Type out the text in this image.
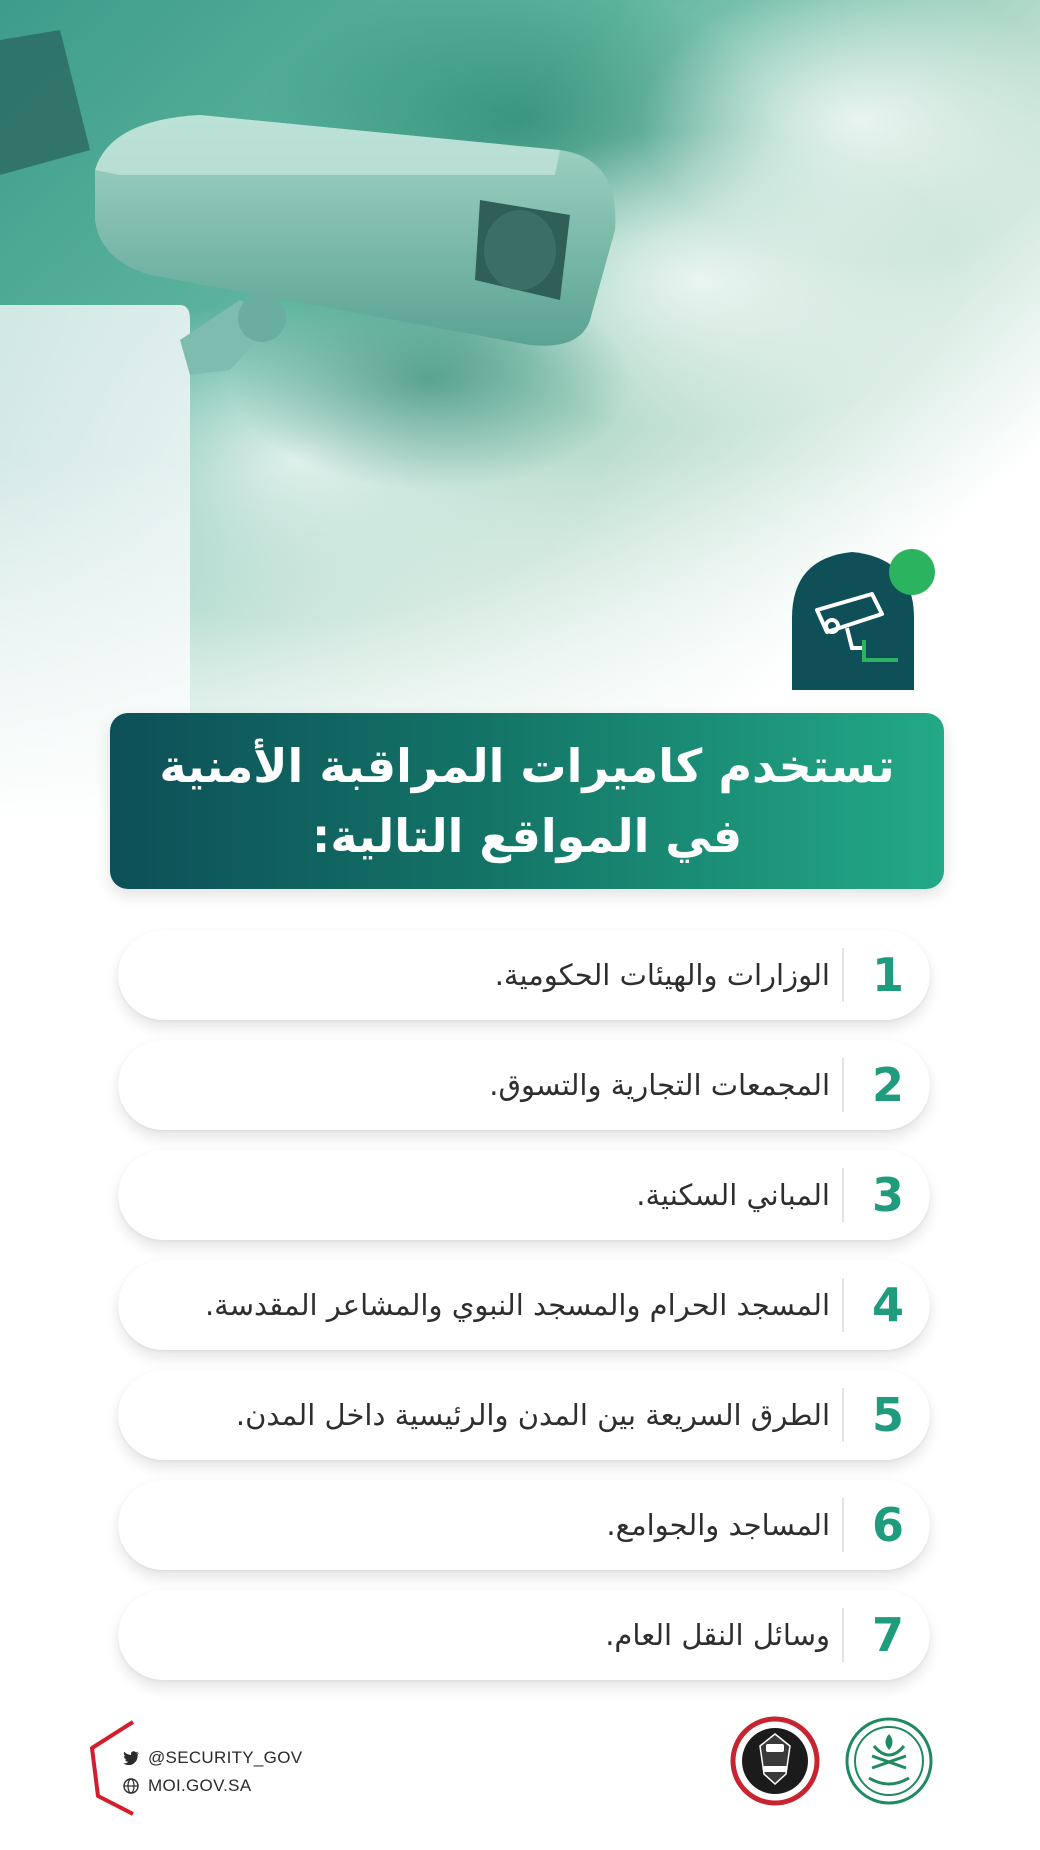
تستخدم كاميرات المراقبة الأمنية
في المواقع التالية:
1
الوزارات والهيئات الحكومية.
2
المجمعات التجارية والتسوق.
3
المباني السكنية.
4
المسجد الحرام والمسجد النبوي والمشاعر المقدسة.
5
الطرق السريعة بين المدن والرئيسية داخل المدن.
6
المساجد والجوامع.
7
وسائل النقل العام.
@SECURITY_GOV
MOI.GOV.SA
